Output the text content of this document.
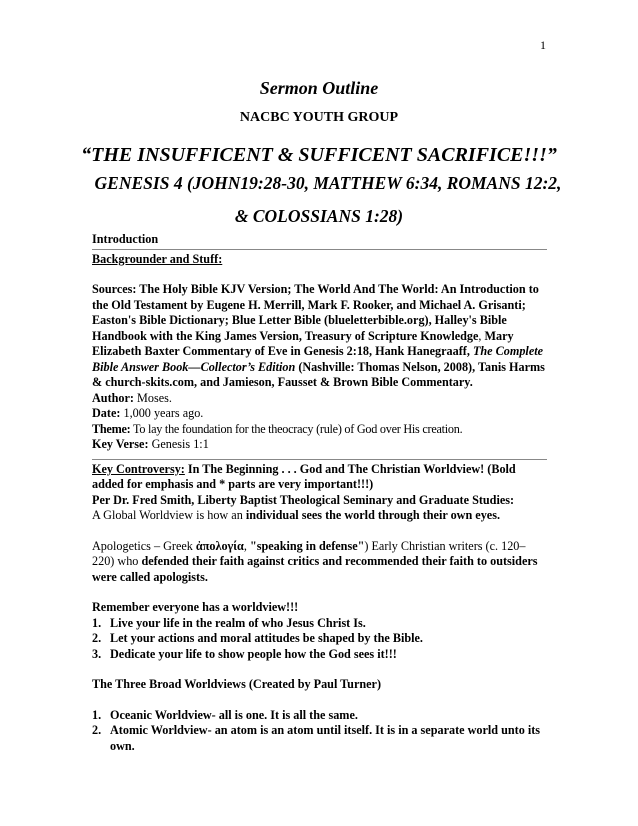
1
Sermon Outline
NACBC YOUTH GROUP
“THE INSUFFICENT & SUFFICENT SACRIFICE!!!”
GENESIS 4 (JOHN19:28-30, MATTHEW 6:34, ROMANS 12:2,
& COLOSSIANS 1:28)

Introduction

Backgrounder and Stuff:

Sources: The Holy Bible KJV Version; The World And The World: An Introduction to the Old Testament by Eugene H. Merrill, Mark F. Rooker, and Michael A. Grisanti; Easton's Bible Dictionary; Blue Letter Bible (blueletterbible.org), Halley's Bible Handbook with the King James Version, Treasury of Scripture Knowledge, Mary Elizabeth Baxter Commentary of Eve in Genesis 2:18, Hank Hanegraaff, The Complete Bible Answer Book—Collector’s Edition (Nashville: Thomas Nelson, 2008), Tanis Harms & church-skits.com, and Jamieson, Fausset & Brown Bible Commentary.

Author: Moses.

Date: 1,000 years ago.

Theme: To lay the foundation for the theocracy (rule) of God over His creation.

Key Verse: Genesis 1:1

Key Controversy: In The Beginning . . . God and The Christian Worldview! (Bold added for emphasis and * parts are very important!!!)

Per Dr. Fred Smith, Liberty Baptist Theological Seminary and Graduate Studies:

A Global Worldview is how an individual sees the world through their own eyes.

Apologetics – Greek ἀπολογία, "speaking in defense") Early Christian writers (c. 120–220) who defended their faith against critics and recommended their faith to outsiders were called apologists.

Remember everyone has a worldview!!!

1. Live your life in the realm of who Jesus Christ Is.
2. Let your actions and moral attitudes be shaped by the Bible.
3. Dedicate your life to show people how the God sees it!!!

The Three Broad Worldviews (Created by Paul Turner)

1. Oceanic Worldview- all is one. It is all the same.
2. Atomic Worldview- an atom is an atom until itself. It is in a separate world unto its own.
